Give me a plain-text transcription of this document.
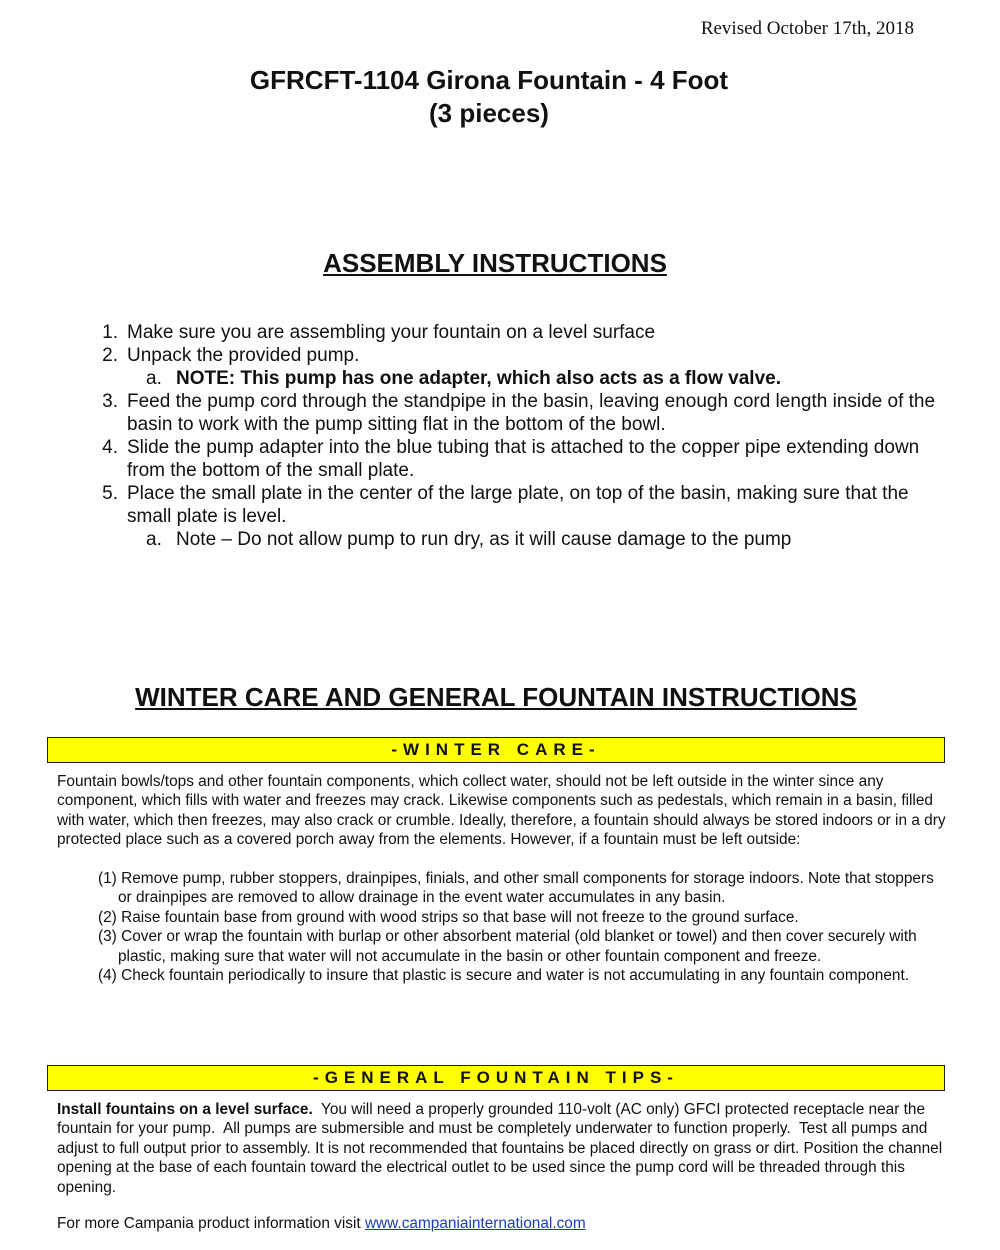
Revised October 17th, 2018
GFRCFT-1104 Girona Fountain - 4 Foot
(3 pieces)
ASSEMBLY INSTRUCTIONS
1. Make sure you are assembling your fountain on a level surface
2. Unpack the provided pump.
a. NOTE: This pump has one adapter, which also acts as a flow valve.
3. Feed the pump cord through the standpipe in the basin, leaving enough cord length inside of the basin to work with the pump sitting flat in the bottom of the bowl.
4. Slide the pump adapter into the blue tubing that is attached to the copper pipe extending down from the bottom of the small plate.
5. Place the small plate in the center of the large plate, on top of the basin, making sure that the small plate is level.
a. Note – Do not allow pump to run dry, as it will cause damage to the pump
WINTER CARE AND GENERAL FOUNTAIN INSTRUCTIONS
-WINTER CARE-
Fountain bowls/tops and other fountain components, which collect water, should not be left outside in the winter since any component, which fills with water and freezes may crack. Likewise components such as pedestals, which remain in a basin, filled with water, which then freezes, may also crack or crumble. Ideally, therefore, a fountain should always be stored indoors or in a dry protected place such as a covered porch away from the elements. However, if a fountain must be left outside:
(1) Remove pump, rubber stoppers, drainpipes, finials, and other small components for storage indoors. Note that stoppers or drainpipes are removed to allow drainage in the event water accumulates in any basin.
(2) Raise fountain base from ground with wood strips so that base will not freeze to the ground surface.
(3) Cover or wrap the fountain with burlap or other absorbent material (old blanket or towel) and then cover securely with plastic, making sure that water will not accumulate in the basin or other fountain component and freeze.
(4) Check fountain periodically to insure that plastic is secure and water is not accumulating in any fountain component.
-GENERAL FOUNTAIN TIPS-
Install fountains on a level surface.  You will need a properly grounded 110-volt (AC only) GFCI protected receptacle near the fountain for your pump.  All pumps are submersible and must be completely underwater to function properly.  Test all pumps and adjust to full output prior to assembly. It is not recommended that fountains be placed directly on grass or dirt. Position the channel opening at the base of each fountain toward the electrical outlet to be used since the pump cord will be threaded through this opening.
For more Campania product information visit www.campaniainternational.com
